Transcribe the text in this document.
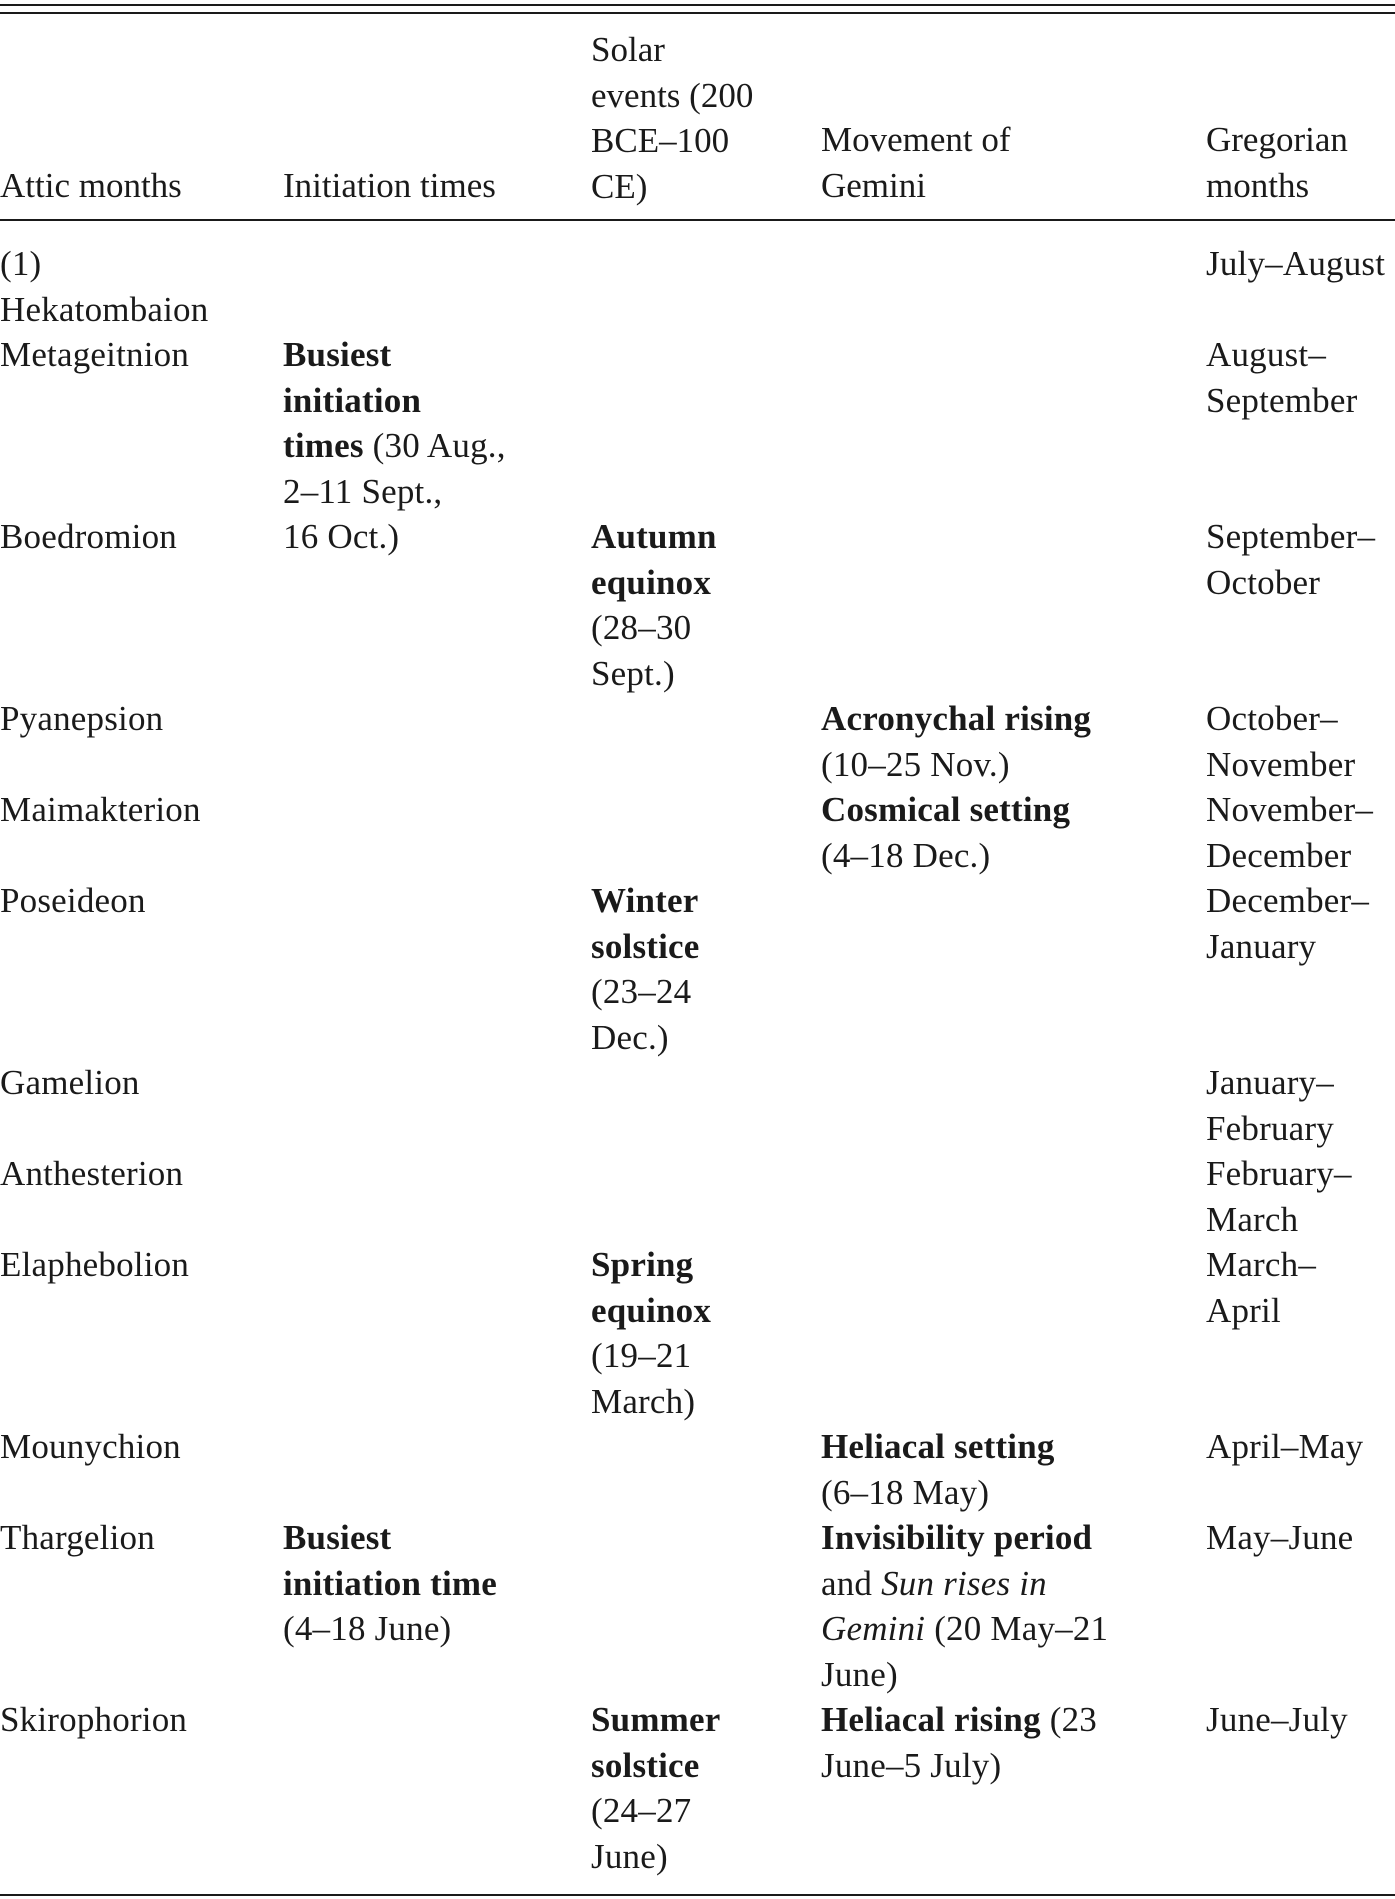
Attic months	Initiation times
Solar
events (200
BCE–100
CE)
Movement of
Gemini
Gregorian
months
(1)
Hekatombaion
Metageitnion
Boedromion
Pyanepsion
Maimakterion
Poseideon
Gamelion
Anthesterion
Elaphebolion
Mounychion
Thargelion
Skirophorion
Busiest
initiation
times (30 Aug.,
2–11 Sept.,
16 Oct.)
Busiest
initiation time
(4–18 June)
Autumn
equinox
(28–30
Sept.)
Winter
solstice
(23–24
Dec.)
Spring
equinox
(19–21
March)
Summer
solstice
(24–27
June)
Acronychal rising
(10–25 Nov.)
Cosmical setting
(4–18 Dec.)
Heliacal setting
(6–18 May)
Invisibility period
and Sun rises in
Gemini (20 May–21
June)
Heliacal rising (23
June–5 July)
July–August
August–
September
September–
October
October–
November
November–
December
December–
January
January–
February
February–
March
March–
April
April–May
May–June
June–July
